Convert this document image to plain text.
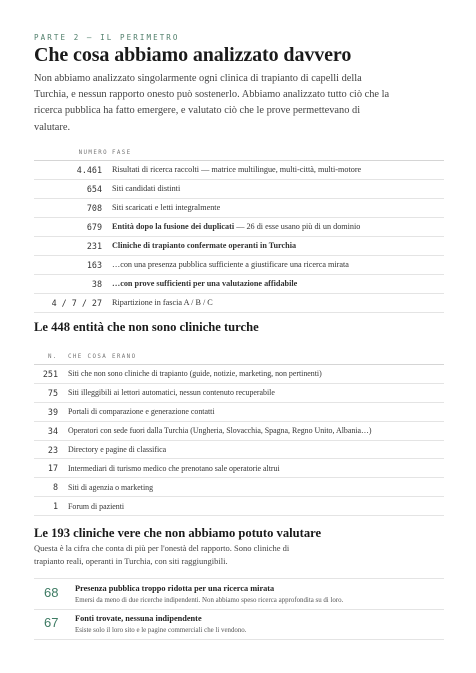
PARTE 2 — IL PERIMETRO
Che cosa abbiamo analizzato davvero

Non abbiamo analizzato singolarmente ogni clinica di trapianto di capelli della Turchia, e nessun rapporto onesto può sostenerlo. Abbiamo analizzato tutto ciò che la ricerca pubblica ha fatto emergere, e valutato ciò che le prove permettevano di valutare.

NUMERO	FASE
4.461	Risultati di ricerca raccolti — matrice multilingue, multi-città, multi-motore
654	Siti candidati distinti
708	Siti scaricati e letti integralmente
679	Entità dopo la fusione dei duplicati — 26 di esse usano più di un dominio
231	Cliniche di trapianto confermate operanti in Turchia
163	…con una presenza pubblica sufficiente a giustificare una ricerca mirata
38	…con prove sufficienti per una valutazione affidabile
4 / 7 / 27	Ripartizione in fascia A / B / C
Le 448 entità che non sono cliniche turche
N.	CHE COSA ERANO
251	Siti che non sono cliniche di trapianto (guide, notizie, marketing, non pertinenti)
75	Siti illeggibili ai lettori automatici, nessun contenuto recuperabile
39	Portali di comparazione e generazione contatti
34	Operatori con sede fuori dalla Turchia (Ungheria, Slovacchia, Spagna, Regno Unito, Albania…)
23	Directory e pagine di classifica
17	Intermediari di turismo medico che prenotano sale operatorie altrui
8	Siti di agenzia o marketing
1	Forum di pazienti
Le 193 cliniche vere che non abbiamo potuto valutare

Questa è la cifra che conta di più per l'onestà del rapporto. Sono cliniche di trapianto reali, operanti in Turchia, con siti raggiungibili.

68 Presenza pubblica troppo ridotta per una ricerca mirata
Emersi da meno di due ricerche indipendenti. Non abbiamo speso ricerca approfondita su di loro.
67 Fonti trovate, nessuna indipendente
Esiste solo il loro sito e le pagine commerciali che li vendono.
